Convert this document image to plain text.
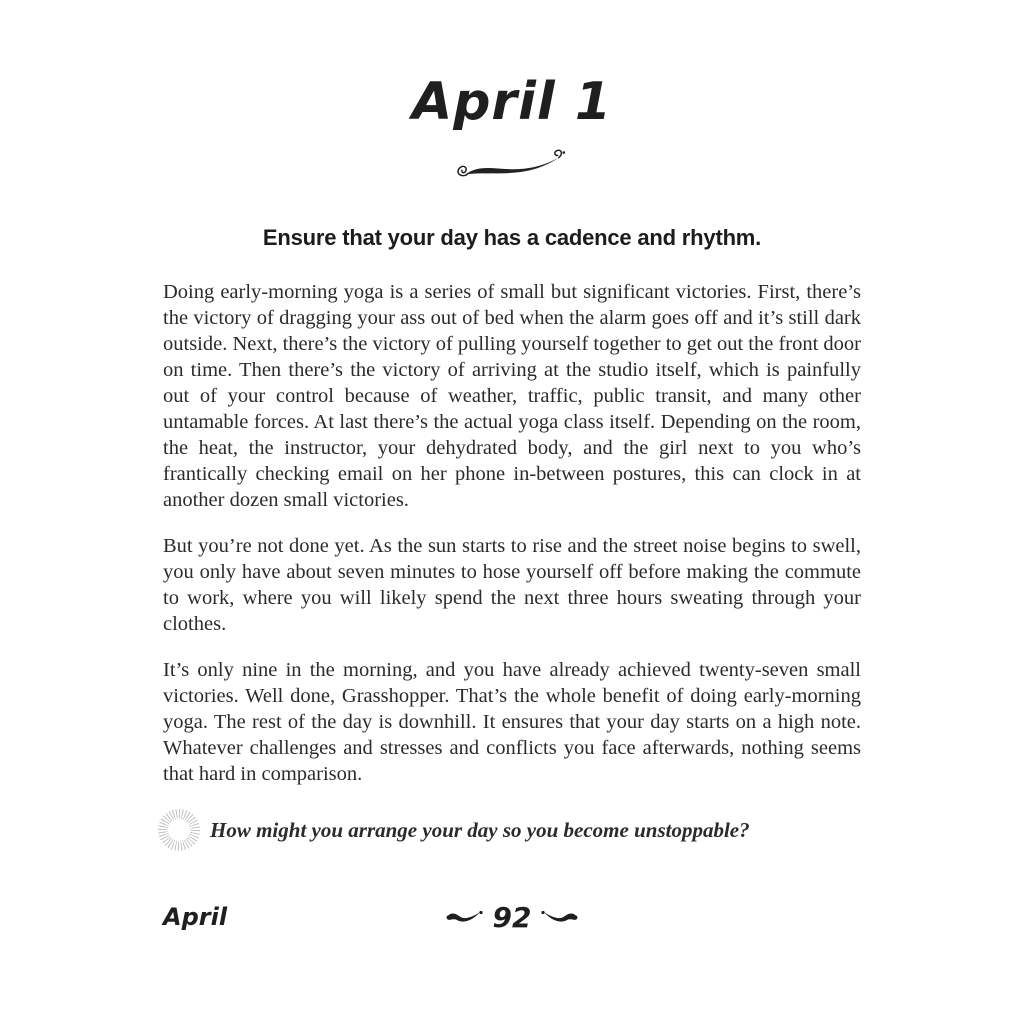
April 1
Ensure that your day has a cadence and rhythm.

Doing early-morning yoga is a series of small but significant victories. First, there’s the victory of dragging your ass out of bed when the alarm goes off and it’s still dark outside. Next, there’s the victory of pulling yourself together to get out the front door on time. Then there’s the victory of arriving at the studio itself, which is painfully out of your control because of weather, traffic, public transit, and many other untamable forces. At last there’s the actual yoga class itself. Depending on the room, the heat, the instructor, your dehydrated body, and the girl next to you who’s frantically checking email on her phone in-between postures, this can clock in at another dozen small victories.

But you’re not done yet. As the sun starts to rise and the street noise begins to swell, you only have about seven minutes to hose yourself off before making the commute to work, where you will likely spend the next three hours sweating through your clothes.

It’s only nine in the morning, and you have already achieved twenty-seven small victories. Well done, Grasshopper. That’s the whole benefit of doing early-morning yoga. The rest of the day is downhill. It ensures that your day starts on a high note. Whatever challenges and stresses and conflicts you face afterwards, nothing seems that hard in comparison.

How might you arrange your day so you become unstoppable?
April	92
